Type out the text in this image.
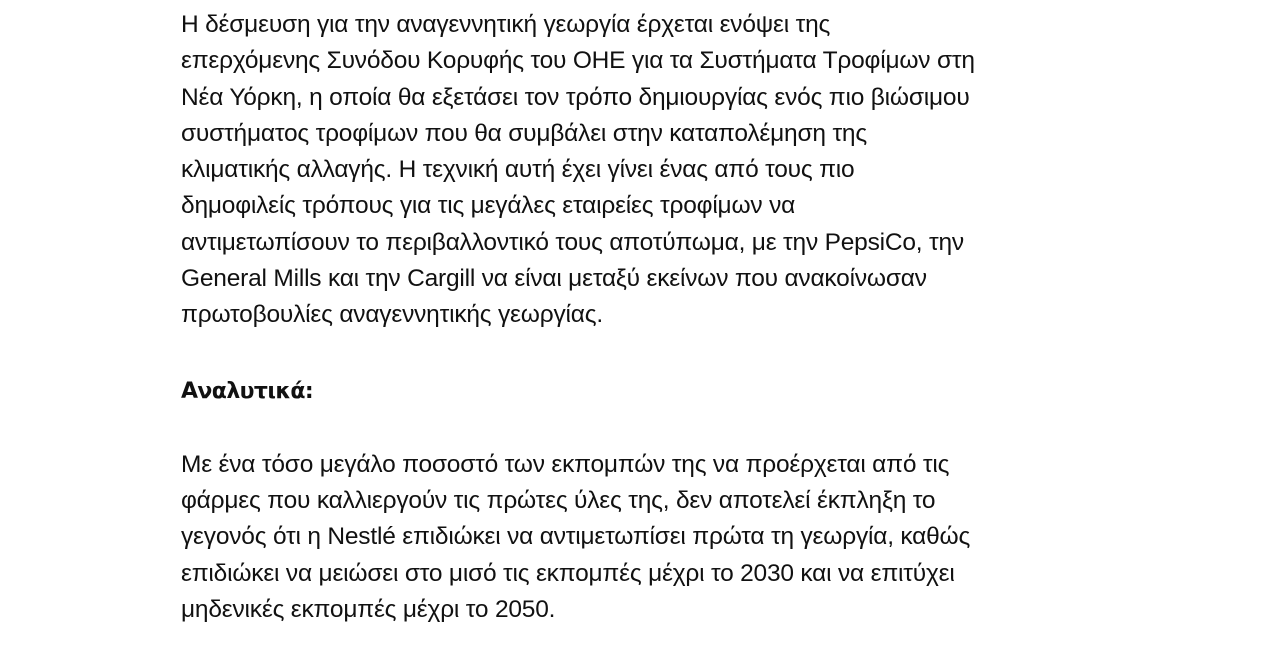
Η δέσμευση για την αναγεννητική γεωργία έρχεται ενόψει της
επερχόμενης Συνόδου Κορυφής του ΟΗΕ για τα Συστήματα Τροφίμων στη
Νέα Υόρκη, η οποία θα εξετάσει τον τρόπο δημιουργίας ενός πιο βιώσιμου
συστήματος τροφίμων που θα συμβάλει στην καταπολέμηση της
κλιματικής αλλαγής. Η τεχνική αυτή έχει γίνει ένας από τους πιο
δημοφιλείς τρόπους για τις μεγάλες εταιρείες τροφίμων να
αντιμετωπίσουν το περιβαλλοντικό τους αποτύπωμα, με την PepsiCo, την
General Mills και την Cargill να είναι μεταξύ εκείνων που ανακοίνωσαν
πρωτοβουλίες αναγεννητικής γεωργίας.

Αναλυτικά:

Με ένα τόσο μεγάλο ποσοστό των εκπομπών της να προέρχεται από τις
φάρμες που καλλιεργούν τις πρώτες ύλες της, δεν αποτελεί έκπληξη το
γεγονός ότι η Nestlé επιδιώκει να αντιμετωπίσει πρώτα τη γεωργία, καθώς
επιδιώκει να μειώσει στο μισό τις εκπομπές μέχρι το 2030 και να επιτύχει
μηδενικές εκπομπές μέχρι το 2050.
